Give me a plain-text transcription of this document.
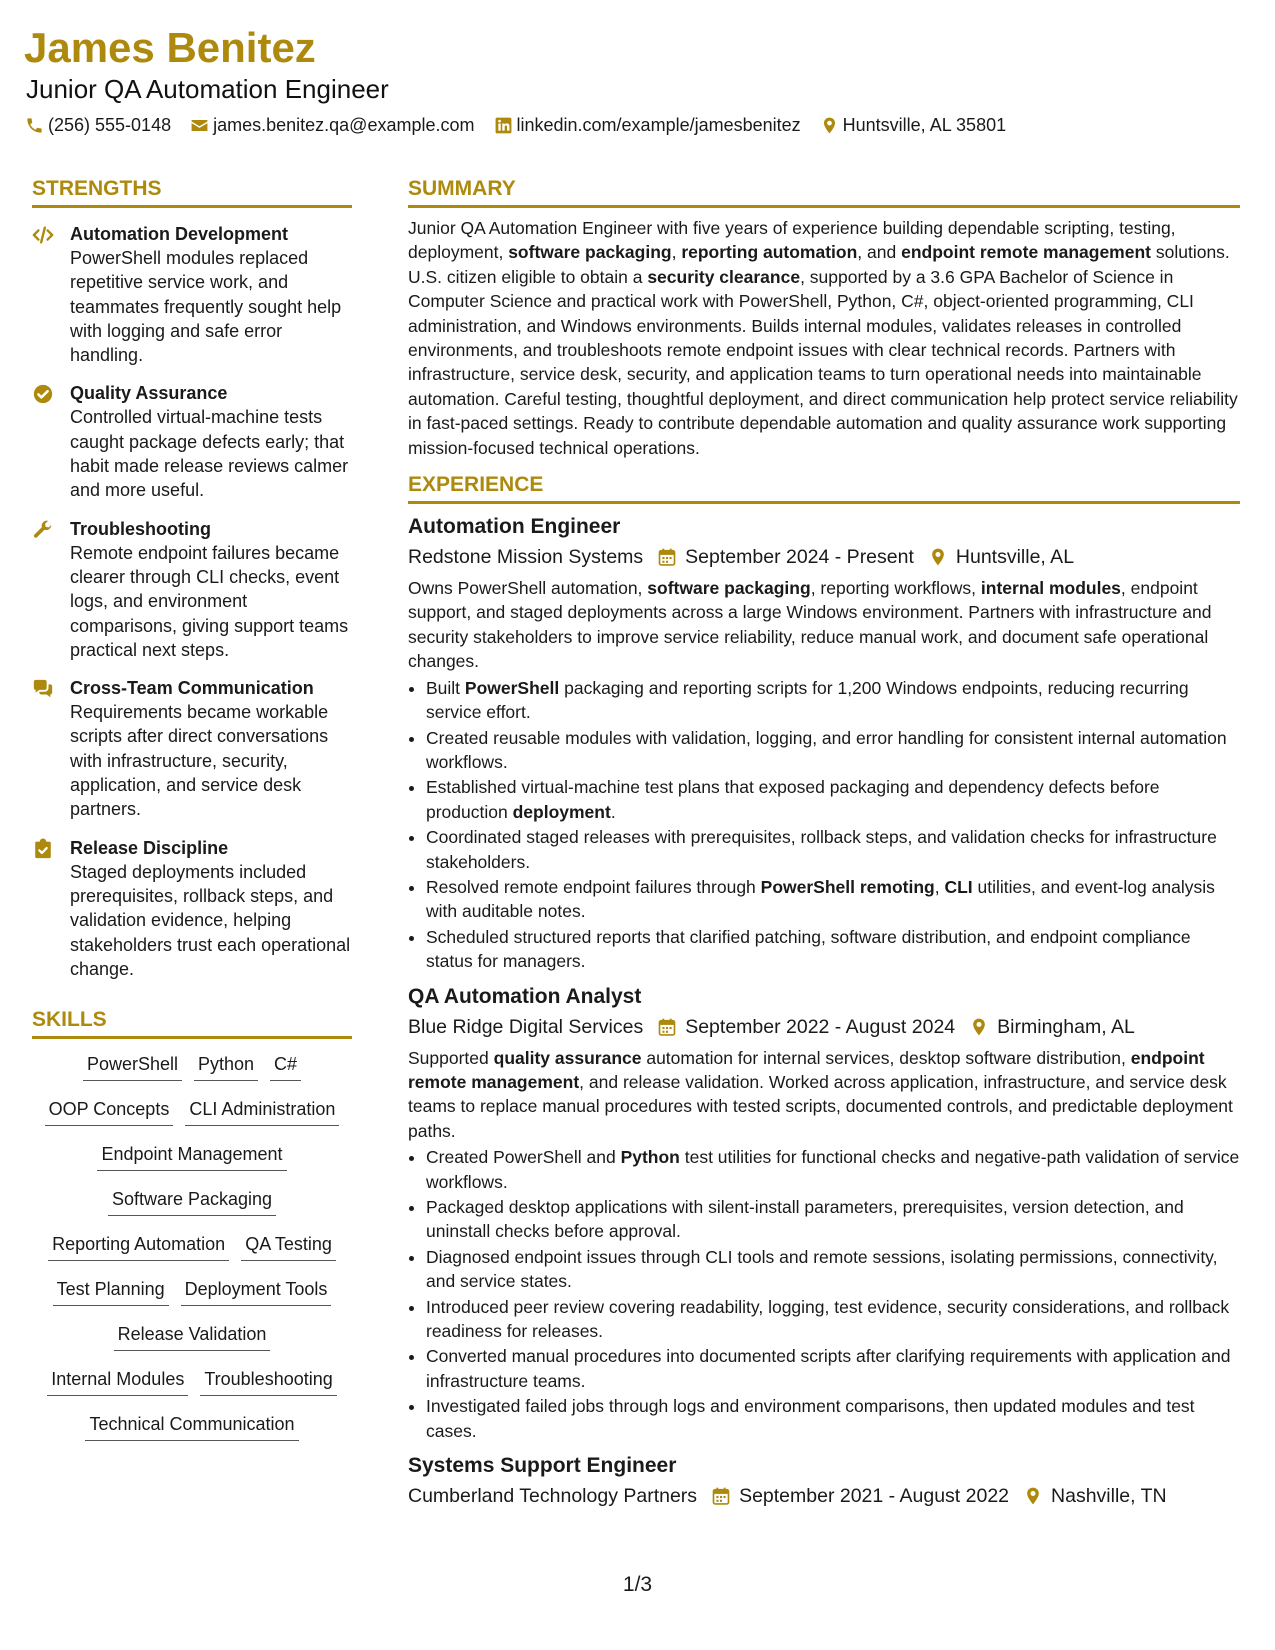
James Benitez
Junior QA Automation Engineer
(256) 555-0148 james.benitez.qa@example.com linkedin.com/example/jamesbenitez Huntsville, AL 35801
STRENGTHS
Automation Development
PowerShell modules replaced repetitive service work, and teammates frequently sought help with logging and safe error handling.
Quality Assurance
Controlled virtual-machine tests caught package defects early; that habit made release reviews calmer and more useful.
Troubleshooting
Remote endpoint failures became clearer through CLI checks, event logs, and environment comparisons, giving support teams practical next steps.
Cross-Team Communication
Requirements became workable scripts after direct conversations with infrastructure, security, application, and service desk partners.
Release Discipline
Staged deployments included prerequisites, rollback steps, and validation evidence, helping stakeholders trust each operational change.
SKILLS
PowerShell Python C#
OOP Concepts CLI Administration
Endpoint Management
Software Packaging
Reporting Automation QA Testing
Test Planning Deployment Tools
Release Validation
Internal Modules Troubleshooting
Technical Communication
SUMMARY
Junior QA Automation Engineer with five years of experience building dependable scripting, testing, deployment, software packaging, reporting automation, and endpoint remote management solutions. U.S. citizen eligible to obtain a security clearance, supported by a 3.6 GPA Bachelor of Science in Computer Science and practical work with PowerShell, Python, C#, object-oriented programming, CLI administration, and Windows environments. Builds internal modules, validates releases in controlled environments, and troubleshoots remote endpoint issues with clear technical records. Partners with infrastructure, service desk, security, and application teams to turn operational needs into maintainable automation. Careful testing, thoughtful deployment, and direct communication help protect service reliability in fast-paced settings. Ready to contribute dependable automation and quality assurance work supporting mission-focused technical operations.
EXPERIENCE
Automation Engineer
Redstone Mission Systems September 2024 - Present Huntsville, AL
Owns PowerShell automation, software packaging, reporting workflows, internal modules, endpoint support, and staged deployments across a large Windows environment. Partners with infrastructure and security stakeholders to improve service reliability, reduce manual work, and document safe operational changes.
• Built PowerShell packaging and reporting scripts for 1,200 Windows endpoints, reducing recurring service effort.
• Created reusable modules with validation, logging, and error handling for consistent internal automation workflows.
• Established virtual-machine test plans that exposed packaging and dependency defects before production deployment.
• Coordinated staged releases with prerequisites, rollback steps, and validation checks for infrastructure stakeholders.
• Resolved remote endpoint failures through PowerShell remoting, CLI utilities, and event-log analysis with auditable notes.
• Scheduled structured reports that clarified patching, software distribution, and endpoint compliance status for managers.
QA Automation Analyst
Blue Ridge Digital Services September 2022 - August 2024 Birmingham, AL
Supported quality assurance automation for internal services, desktop software distribution, endpoint remote management, and release validation. Worked across application, infrastructure, and service desk teams to replace manual procedures with tested scripts, documented controls, and predictable deployment paths.
• Created PowerShell and Python test utilities for functional checks and negative-path validation of service workflows.
• Packaged desktop applications with silent-install parameters, prerequisites, version detection, and uninstall checks before approval.
• Diagnosed endpoint issues through CLI tools and remote sessions, isolating permissions, connectivity, and service states.
• Introduced peer review covering readability, logging, test evidence, security considerations, and rollback readiness for releases.
• Converted manual procedures into documented scripts after clarifying requirements with application and infrastructure teams.
• Investigated failed jobs through logs and environment comparisons, then updated modules and test cases.
Systems Support Engineer
Cumberland Technology Partners September 2021 - August 2022 Nashville, TN
1/3
